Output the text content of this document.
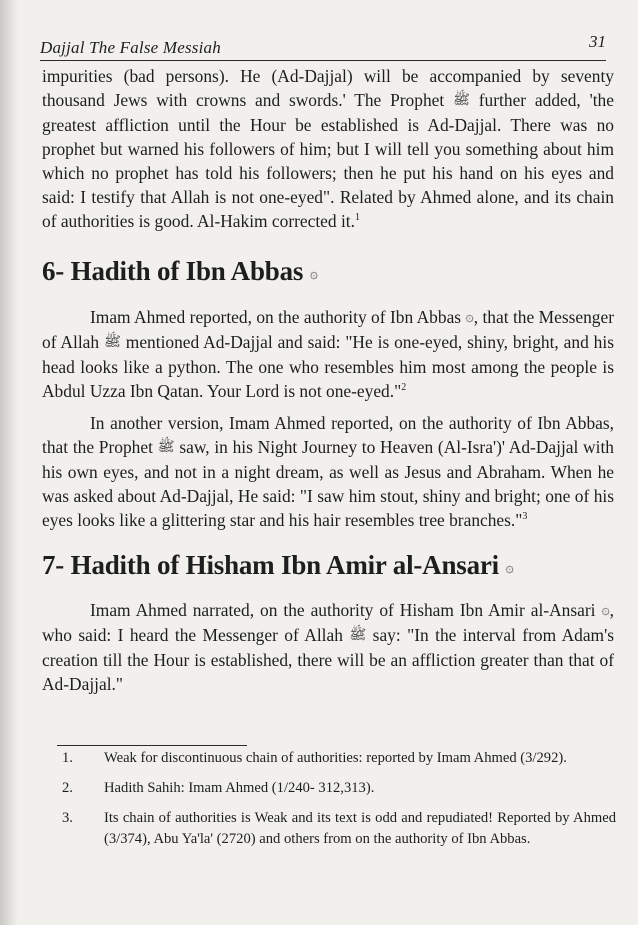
Dajjal The False Messiah	31

impurities (bad persons). He (Ad-Dajjal) will be accompanied by seventy thousand Jews with crowns and swords.' The Prophet ﷺ further added, 'the greatest affliction until the Hour be established is Ad-Dajjal. There was no prophet but warned his followers of him; but I will tell you something about him which no prophet has told his followers; then he put his hand on his eyes and said: I testify that Allah is not one-eyed". Related by Ahmed alone, and its chain of authorities is good. Al-Hakim corrected it.$^1$

6- Hadith of Ibn Abbas ۞

Imam Ahmed reported, on the authority of Ibn Abbas ۞, that the Messenger of Allah ﷺ mentioned Ad-Dajjal and said: "He is one-eyed, shiny, bright, and his head looks like a python. The one who resembles him most among the people is Abdul Uzza Ibn Qatan. Your Lord is not one-eyed."$^2$

In another version, Imam Ahmed reported, on the authority of Ibn Abbas, that the Prophet ﷺ saw, in his Night Journey to Heaven (Al-Isra')' Ad-Dajjal with his own eyes, and not in a night dream, as well as Jesus and Abraham. When he was asked about Ad-Dajjal, He said: "I saw him stout, shiny and bright; one of his eyes looks like a glittering star and his hair resembles tree branches."$^3$

7- Hadith of Hisham Ibn Amir al-Ansari ۞

Imam Ahmed narrated, on the authority of Hisham Ibn Amir al-Ansari ۞, who said: I heard the Messenger of Allah ﷺ say: "In the interval from Adam's creation till the Hour is established, there will be an affliction greater than that of Ad-Dajjal."

1. Weak for discontinuous chain of authorities: reported by Imam Ahmed (3/292).
2. Hadith Sahih: Imam Ahmed (1/240- 312,313).
3. Its chain of authorities is Weak and its text is odd and repudiated! Reported by Ahmed (3/374), Abu Ya'la' (2720) and others from on the authority of Ibn Abbas.
